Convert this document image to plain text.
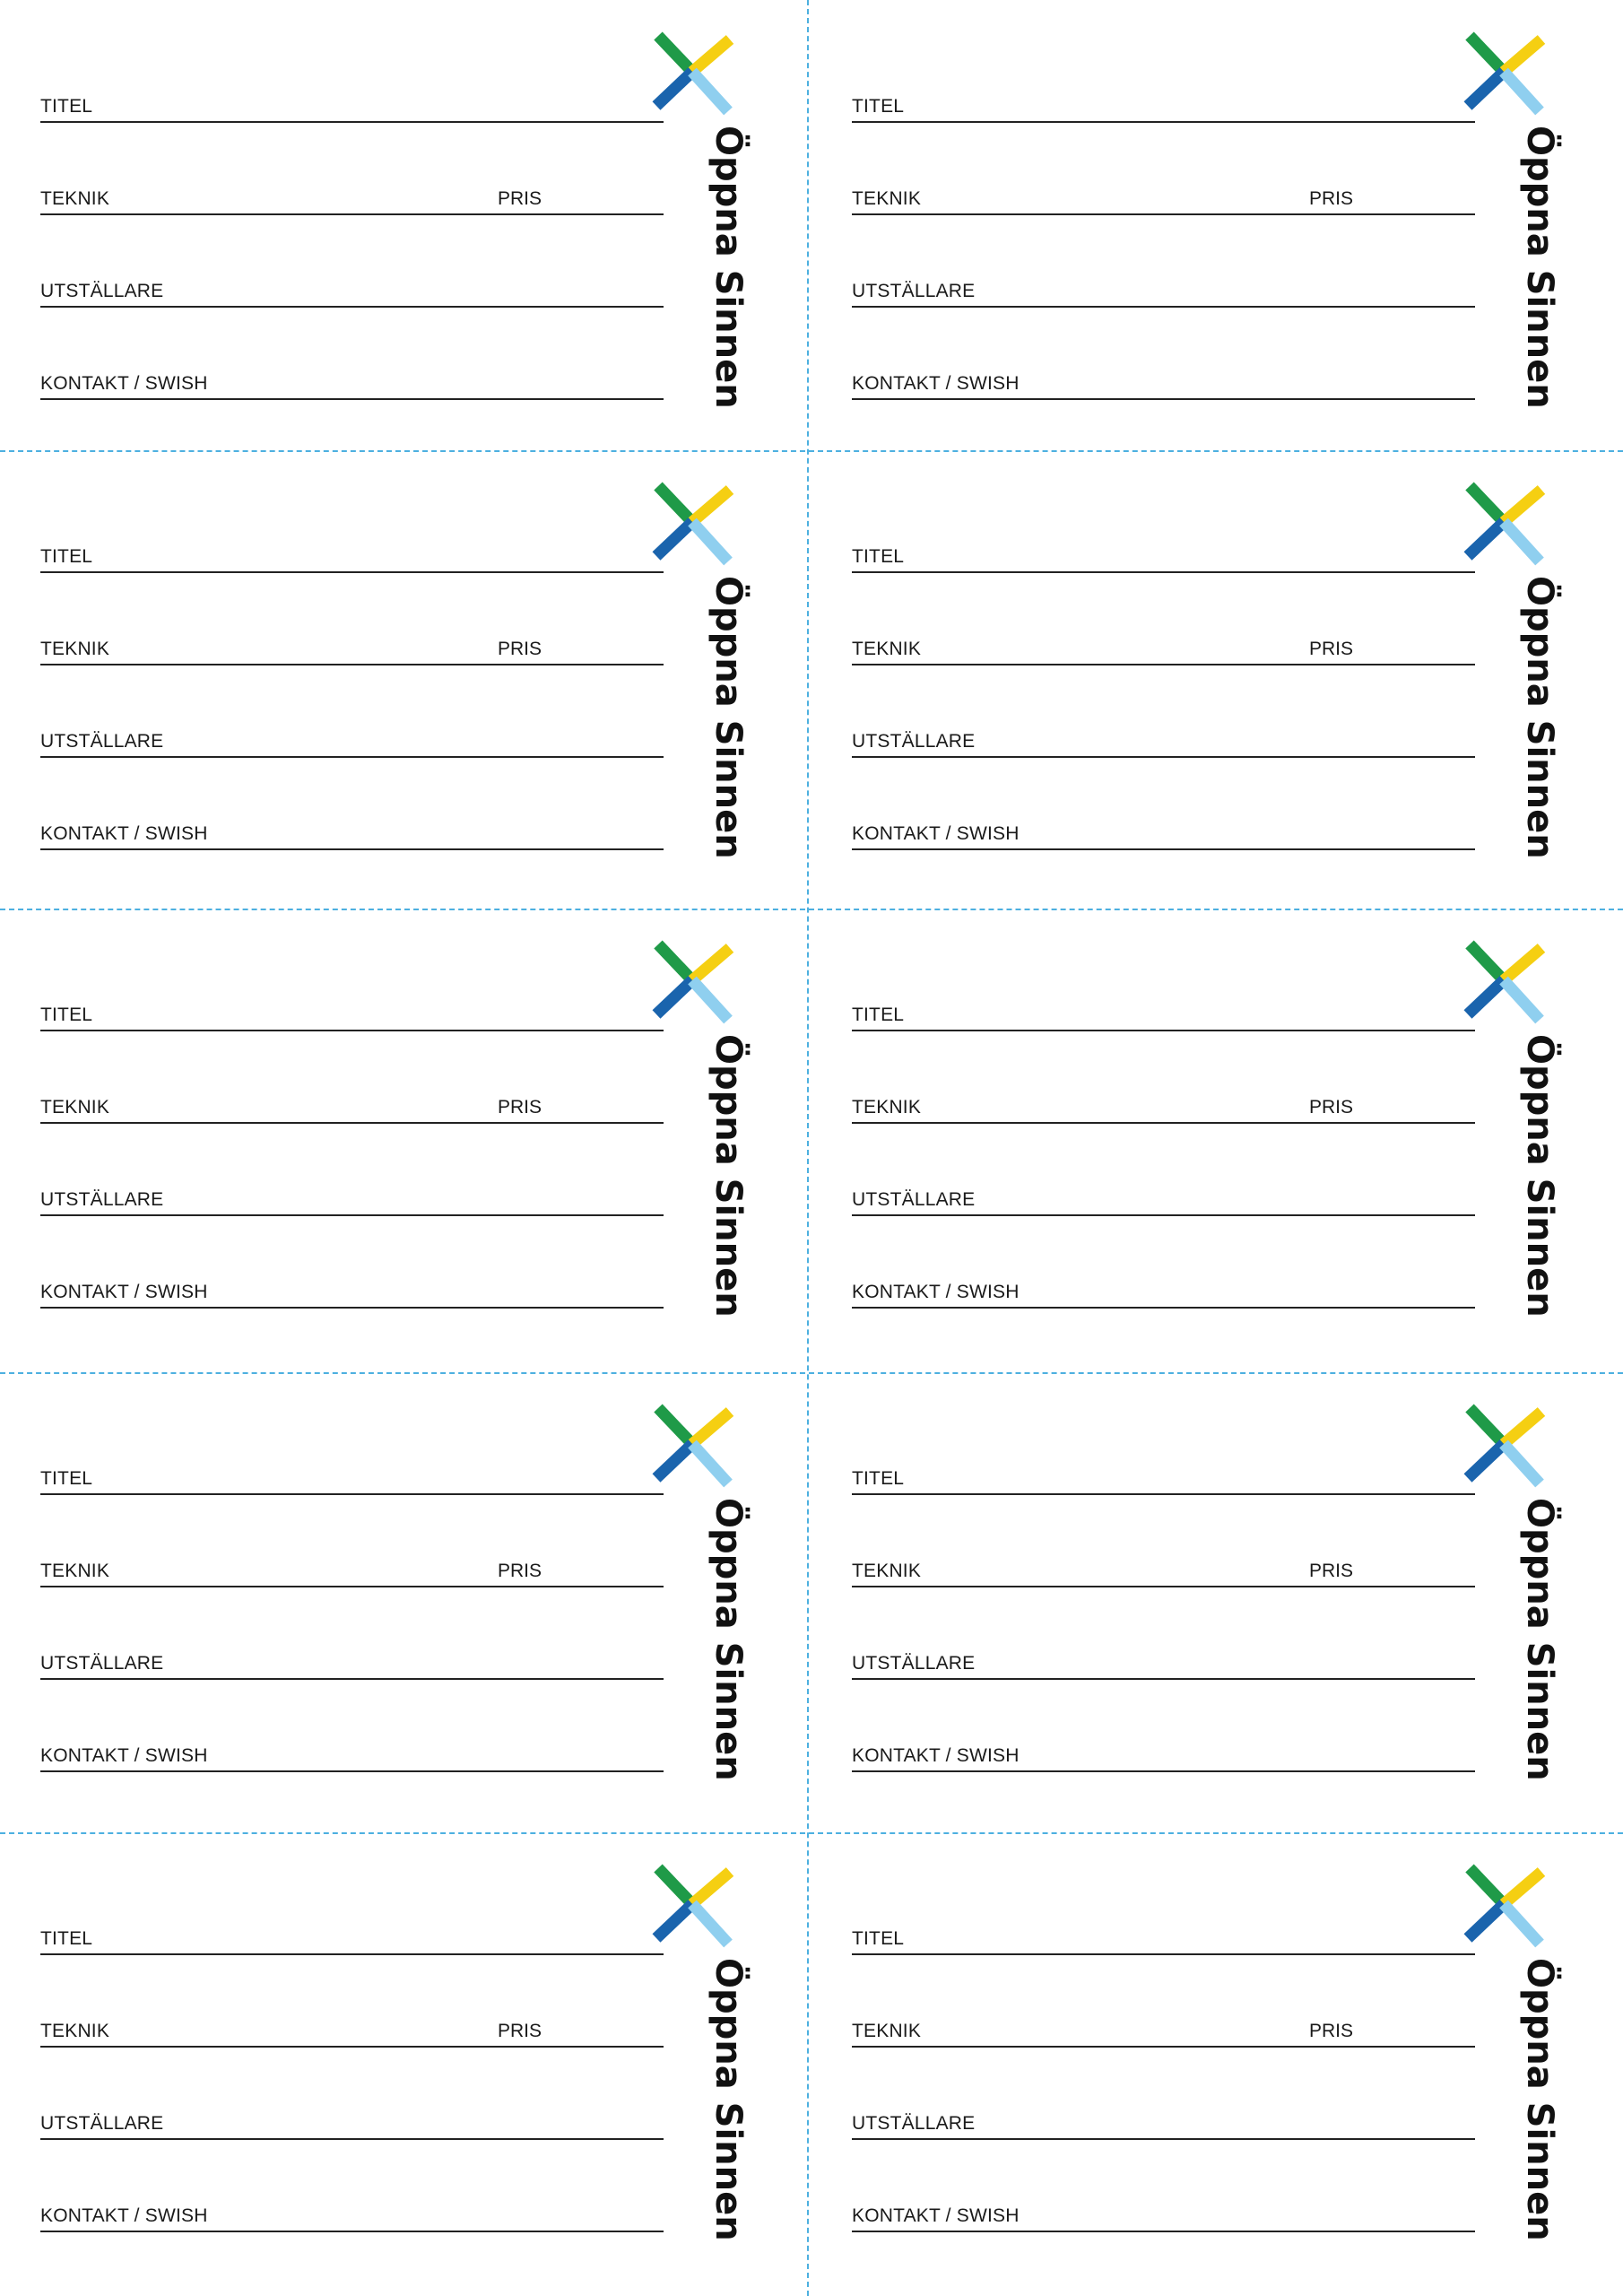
TITEL
TEKNIK	PRIS
UTSTÄLLARE
KONTAKT / SWISH	Öppna Sinnen
TITEL
TEKNIK	PRIS
UTSTÄLLARE
KONTAKT / SWISH	Öppna Sinnen
TITEL
TEKNIK	PRIS
UTSTÄLLARE
KONTAKT / SWISH	Öppna Sinnen
TITEL
TEKNIK	PRIS
UTSTÄLLARE
KONTAKT / SWISH	Öppna Sinnen
TITEL
TEKNIK	PRIS
UTSTÄLLARE
KONTAKT / SWISH	Öppna Sinnen
TITEL
TEKNIK	PRIS
UTSTÄLLARE
KONTAKT / SWISH	Öppna Sinnen
TITEL
TEKNIK	PRIS
UTSTÄLLARE
KONTAKT / SWISH	Öppna Sinnen
TITEL
TEKNIK	PRIS
UTSTÄLLARE
KONTAKT / SWISH	Öppna Sinnen
TITEL
TEKNIK	PRIS
UTSTÄLLARE
KONTAKT / SWISH	Öppna Sinnen
TITEL
TEKNIK	PRIS
UTSTÄLLARE
KONTAKT / SWISH	Öppna Sinnen
